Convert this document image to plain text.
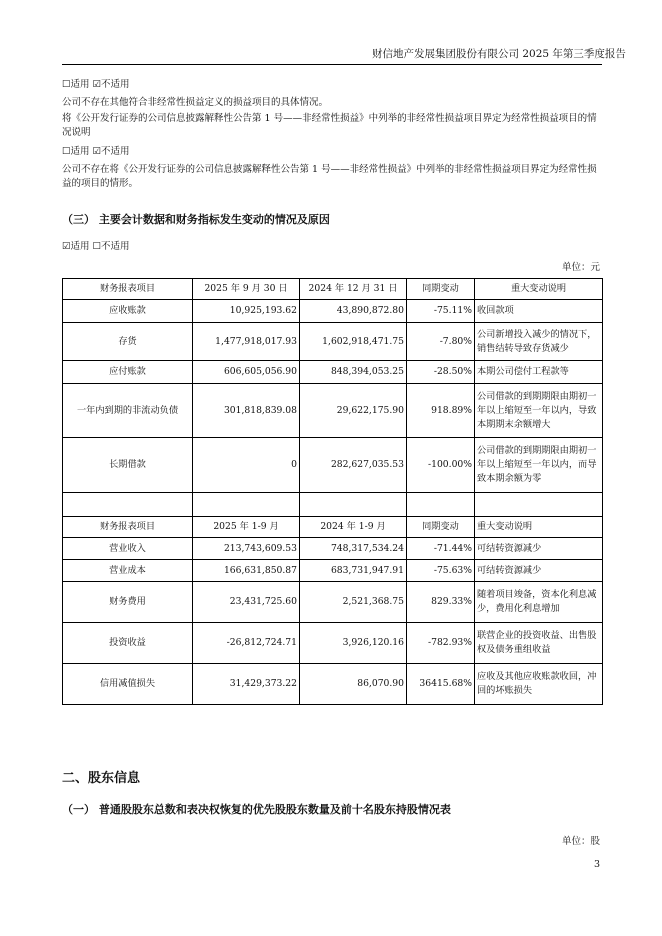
财信地产发展集团股份有限公司 2025 年第三季度报告
☐适用 ☑不适用
公司不存在其他符合非经常性损益定义的损益项目的具体情况。
将《公开发行证券的公司信息披露解释性公告第 1 号——非经常性损益》中列举的非经常性损益项目界定为经常性损益项目的情况说明
☐适用 ☑不适用
公司不存在将《公开发行证券的公司信息披露解释性公告第 1 号——非经常性损益》中列举的非经常性损益项目界定为经常性损益的项目的情形。
（三） 主要会计数据和财务指标发生变动的情况及原因
☑适用 ☐不适用
单位：元
财务报表项目	2025 年 9 月 30 日	2024 年 12 月 31 日	同期变动	重大变动说明
应收账款	10,925,193.62	43,890,872.80	-75.11%	收回款项
存货	1,477,918,017.93	1,602,918,471.75	-7.80%	公司新增投入减少的情况下，销售结转导致存货减少
应付账款	606,605,056.90	848,394,053.25	-28.50%	本期公司偿付工程款等
一年内到期的非流动负债	301,818,839.08	29,622,175.90	918.89%	公司借款的到期期限由期初一年以上缩短至一年以内，导致本期期末余额增大
长期借款	0	282,627,035.53	-100.00%	公司借款的到期期限由期初一年以上缩短至一年以内，而导致本期余额为零

财务报表项目	2025 年 1-9 月	2024 年 1-9 月	同期变动	重大变动说明
营业收入	213,743,609.53	748,317,534.24	-71.44%	可结转资源减少
营业成本	166,631,850.87	683,731,947.91	-75.63%	可结转资源减少
财务费用	23,431,725.60	2,521,368.75	829.33%	随着项目竣备，资本化利息减少，费用化利息增加
投资收益	-26,812,724.71	3,926,120.16	-782.93%	联营企业的投资收益、出售股权及债务重组收益
信用减值损失	31,429,373.22	86,070.90	36415.68%	应收及其他应收账款收回，冲回的坏账损失
二、股东信息
（一） 普通股股东总数和表决权恢复的优先股股东数量及前十名股东持股情况表
单位：股
3
